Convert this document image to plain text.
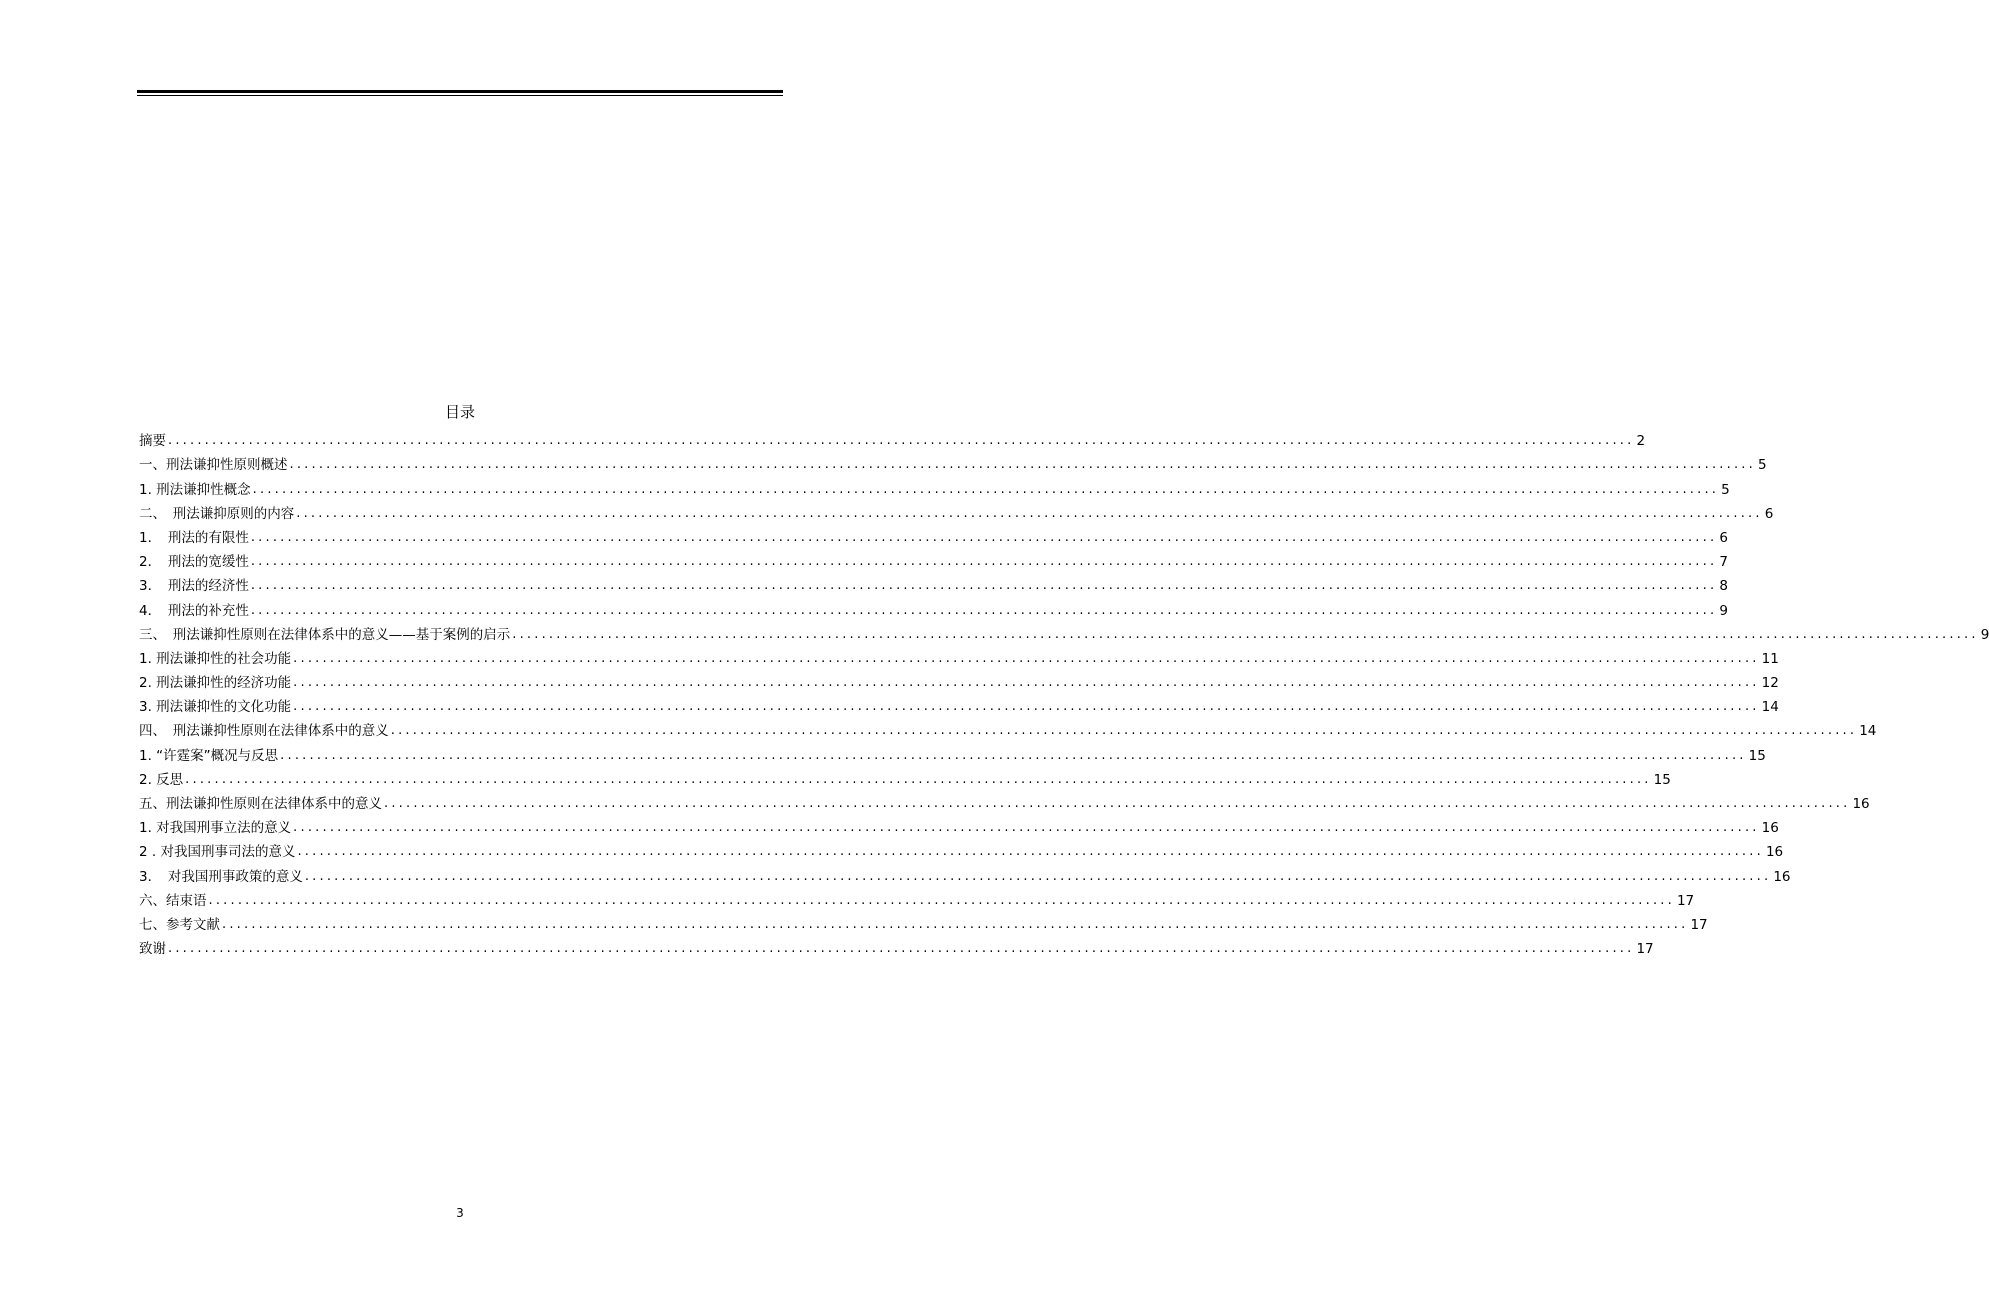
目录
摘要 ........................................................................................................................................................................................................ 2
一、刑法谦抑性原则概述 ........................................................................................................................................................................................................ 5
1. 刑法谦抑性概念 ........................................................................................................................................................................................................ 5
二、　刑法谦抑原则的内容 ........................................................................................................................................................................................................ 6
1．　刑法的有限性 ........................................................................................................................................................................................................ 6
2．　刑法的宽缓性 ........................................................................................................................................................................................................ 7
3．　刑法的经济性 ........................................................................................................................................................................................................ 8
4．　刑法的补充性 ........................................................................................................................................................................................................ 9
三、　刑法谦抑性原则在法律体系中的意义——基于案例的启示 ........................................................................................................................................................................................................ 9
1. 刑法谦抑性的社会功能 ........................................................................................................................................................................................................ 11
2. 刑法谦抑性的经济功能 ........................................................................................................................................................................................................ 12
3. 刑法谦抑性的文化功能 ........................................................................................................................................................................................................ 14
四、　刑法谦抑性原则在法律体系中的意义 ........................................................................................................................................................................................................ 14
1. “许霆案”概况与反思 ........................................................................................................................................................................................................ 15
2. 反思 ........................................................................................................................................................................................................ 15
五、刑法谦抑性原则在法律体系中的意义 ........................................................................................................................................................................................................ 16
1. 对我国刑事立法的意义 ........................................................................................................................................................................................................ 16
2 . 对我国刑事司法的意义 ........................................................................................................................................................................................................ 16
3．　对我国刑事政策的意义 ........................................................................................................................................................................................................ 16
六、结束语 ........................................................................................................................................................................................................ 17
七、参考文献 ........................................................................................................................................................................................................ 17
致谢 ........................................................................................................................................................................................................ 17
3
